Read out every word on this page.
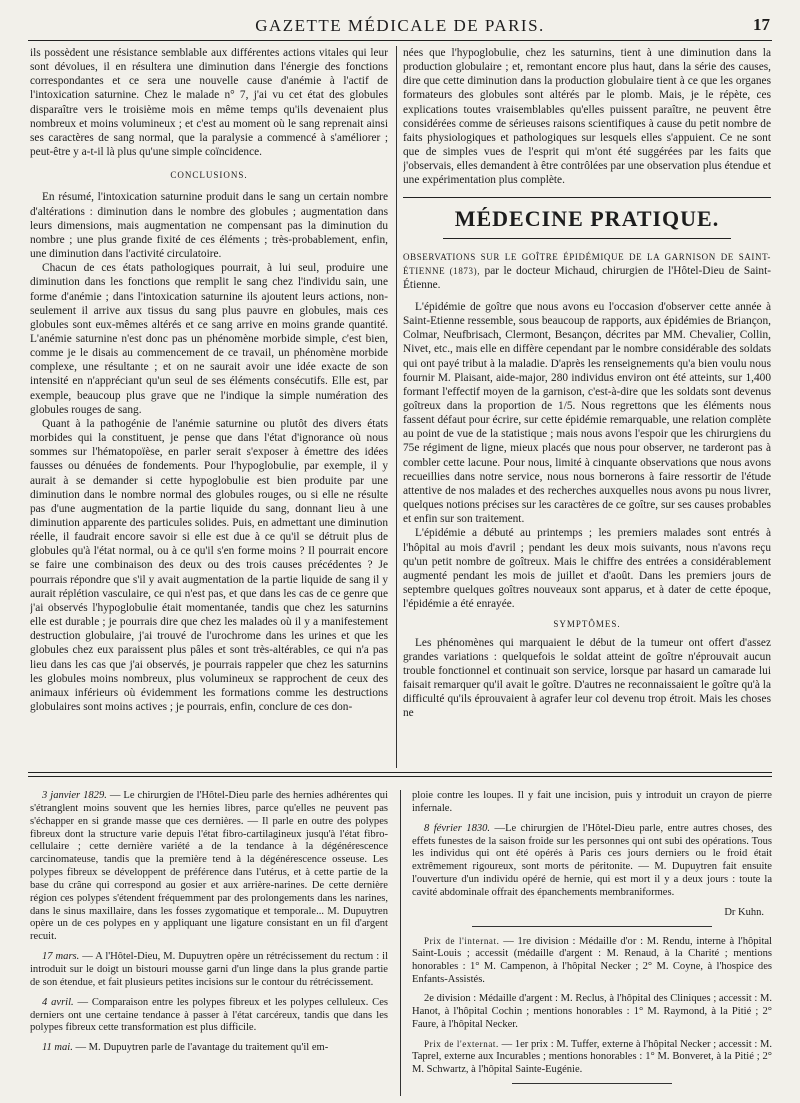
GAZETTE MÉDICALE DE PARIS.	17

ils possèdent une résistance semblable aux différentes actions vitales qui leur sont dévolues, il en résultera une diminution dans l'énergie des fonctions correspondantes et ce sera une nouvelle cause d'anémie à l'actif de l'intoxication saturnine. Chez le malade n° 7, j'ai vu cet état des globules disparaître vers le troisième mois en même temps qu'ils devenaient plus nombreux et moins volumineux ; et c'est au moment où le sang reprenait ainsi ses caractères de sang normal, que la paralysie a commencé à s'améliorer ; peut-être y a-t-il là plus qu'une simple coïncidence.

CONCLUSIONS.

En résumé, l'intoxication saturnine produit dans le sang un certain nombre d'altérations : diminution dans le nombre des globules ; augmentation dans leurs dimensions, mais augmentation ne compensant pas la diminution du nombre ; une plus grande fixité de ces éléments ; très-probablement, enfin, une diminution dans l'activité circulatoire.

Chacun de ces états pathologiques pourrait, à lui seul, produire une diminution dans les fonctions que remplit le sang chez l'individu sain, une forme d'anémie ; dans l'intoxication saturnine ils ajoutent leurs actions, non-seulement il arrive aux tissus du sang plus pauvre en globules, mais ces globules sont eux-mêmes altérés et ce sang arrive en moins grande quantité. L'anémie saturnine n'est donc pas un phénomène morbide simple, c'est bien, comme je le disais au commencement de ce travail, un phénomène morbide complexe, une résultante ; et on ne saurait avoir une idée exacte de son intensité en n'appréciant qu'un seul de ses éléments consécutifs. Elle est, par exemple, beaucoup plus grave que ne l'indique la simple numération des globules rouges de sang.

Quant à la pathogénie de l'anémie saturnine ou plutôt des divers états morbides qui la constituent, je pense que dans l'état d'ignorance où nous sommes sur l'hématopoïèse, en parler serait s'exposer à émettre des idées fausses ou dénuées de fondements. Pour l'hypoglobulie, par exemple, il y aurait à se demander si cette hypoglobulie est bien produite par une diminution dans le nombre normal des globules rouges, ou si elle ne résulte pas d'une augmentation de la partie liquide du sang, donnant lieu à une diminution apparente des particules solides. Puis, en admettant une diminution réelle, il faudrait encore savoir si elle est due à ce qu'il se détruit plus de globules qu'à l'état normal, ou à ce qu'il s'en forme moins ? Il pourrait encore se faire une combinaison des deux ou des trois causes précédentes ? Je pourrais répondre que s'il y avait augmentation de la partie liquide de sang il y aurait réplétion vasculaire, ce qui n'est pas, et que dans les cas de ce genre que j'ai observés l'hypoglobulie était momentanée, tandis que chez les saturnins elle est durable ; je pourrais dire que chez les malades où il y a manifestement destruction globulaire, j'ai trouvé de l'urochrome dans les urines et que les globules chez eux paraissent plus pâles et sont très-altérables, ce qui n'a pas lieu dans les cas que j'ai observés, je pourrais rappeler que chez les saturnins les globules moins nombreux, plus volumineux se rapprochent de ceux des animaux inférieurs où évidemment les formations comme les destructions globulaires sont moins actives ; je pourrais, enfin, conclure de ces don-

nées que l'hypoglobulie, chez les saturnins, tient à une diminution dans la production globulaire ; et, remontant encore plus haut, dans la série des causes, dire que cette diminution dans la production globulaire tient à ce que les organes formateurs des globules sont altérés par le plomb. Mais, je le répète, ces explications toutes vraisemblables qu'elles puissent paraître, ne peuvent être considérées comme de sérieuses raisons scientifiques à cause du petit nombre de faits physiologiques et pathologiques sur lesquels elles s'appuient. Ce ne sont que de simples vues de l'esprit qui m'ont été suggérées par les faits que j'observais, elles demandent à être contrôlées par une observation plus étendue et une expérimentation plus complète.

MÉDECINE PRATIQUE.

OBSERVATIONS SUR LE GOÎTRE ÉPIDÉMIQUE DE LA GARNISON DE SAINT-ÉTIENNE (1873), par le docteur Michaud, chirurgien de l'Hôtel-Dieu de Saint-Étienne.

L'épidémie de goître que nous avons eu l'occasion d'observer cette année à Saint-Etienne ressemble, sous beaucoup de rapports, aux épidémies de Briançon, Colmar, Neufbrisach, Clermont, Besançon, décrites par MM. Chevalier, Collin, Nivet, etc., mais elle en diffère cependant par le nombre considérable des soldats qui ont payé tribut à la maladie. D'après les renseignements qu'a bien voulu nous fournir M. Plaisant, aide-major, 280 individus environ ont été atteints, sur 1,400 formant l'effectif moyen de la garnison, c'est-à-dire que les soldats sont devenus goîtreux dans la proportion de 1/5. Nous regrettons que les éléments nous fassent défaut pour écrire, sur cette épidémie remarquable, une relation complète au point de vue de la statistique ; mais nous avons l'espoir que les chirurgiens du 75e régiment de ligne, mieux placés que nous pour observer, ne tarderont pas à combler cette lacune. Pour nous, limité à cinquante observations que nous avons recueillies dans notre service, nous nous bornerons à faire ressortir de l'étude attentive de nos malades et des recherches auxquelles nous avons pu nous livrer, quelques notions précises sur les caractères de ce goître, sur ses causes probables et enfin sur son traitement.

L'épidémie a débuté au printemps ; les premiers malades sont entrés à l'hôpital au mois d'avril ; pendant les deux mois suivants, nous n'avons reçu qu'un petit nombre de goîtreux. Mais le chiffre des entrées a considérablement augmenté pendant les mois de juillet et d'août. Dans les premiers jours de septembre quelques goîtres nouveaux sont apparus, et à dater de cette époque, l'épidémie a été enrayée.

SYMPTÔMES.

Les phénomènes qui marquaient le début de la tumeur ont offert d'assez grandes variations : quelquefois le soldat atteint de goître n'éprouvait aucun trouble fonctionnel et continuait son service, lorsque par hasard un camarade lui faisait remarquer qu'il avait le goître. D'autres ne reconnaissaient le goître qu'à la difficulté qu'ils éprouvaient à agrafer leur col devenu trop étroit. Mais les choses ne

3 janvier 1829. — Le chirurgien de l'Hôtel-Dieu parle des hernies adhérentes qui s'étranglent moins souvent que les hernies libres, parce qu'elles ne peuvent pas s'échapper en si grande masse que ces dernières. — Il parle en outre des polypes fibreux dont la structure varie depuis l'état fibro-cartilagineux jusqu'à l'état fibro-cellulaire ; cette dernière variété a de la tendance à la dégénérescence carcinomateuse, tandis que la première tend à la dégénérescence osseuse. Les polypes fibreux se développent de préférence dans l'utérus, et à cette partie de la base du crâne qui correspond au gosier et aux arrière-narines. De cette dernière région ces polypes s'étendent fréquemment par des prolongements dans les narines, dans le sinus maxillaire, dans les fosses zygomatique et temporale... M. Dupuytren opère un de ces polypes en y appliquant une ligature consistant en un fil d'argent recuit.

17 mars. — A l'Hôtel-Dieu, M. Dupuytren opère un rétrécissement du rectum : il introduit sur le doigt un bistouri mousse garni d'un linge dans la plus grande partie de son étendue, et fait plusieurs petites incisions sur le contour du rétrécissement.

4 avril. — Comparaison entre les polypes fibreux et les polypes celluleux. Ces derniers ont une certaine tendance à passer à l'état carcéreux, tandis que dans les polypes fibreux cette transformation est plus difficile.

11 mai. — M. Dupuytren parle de l'avantage du traitement qu'il em-

ploie contre les loupes. Il y fait une incision, puis y introduit un crayon de pierre infernale.

8 février 1830. —Le chirurgien de l'Hôtel-Dieu parle, entre autres choses, des effets funestes de la saison froide sur les personnes qui ont subi des opérations. Tous les individus qui ont été opérés à Paris ces jours derniers ou le froid était extrêmement rigoureux, sont morts de péritonite. — M. Dupuytren fait ensuite l'ouverture d'un individu opéré de hernie, qui est mort il y a deux jours : toute la cavité abdominale offrait des épanchements membraniformes.

Dr Kuhn.

Prix de l'internat. — 1re division : Médaille d'or : M. Rendu, interne à l'hôpital Saint-Louis ; accessit (médaille d'argent : M. Renaud, à la Charité ; mentions honorables : 1° M. Campenon, à l'hôpital Necker ; 2° M. Coyne, à l'hospice des Enfants-Assistés.

2e division : Médaille d'argent : M. Reclus, à l'hôpital des Cliniques ; accessit : M. Hanot, à l'hôpital Cochin ; mentions honorables : 1° M. Raymond, à la Pitié ; 2° Faure, à l'hôpital Necker.

Prix de l'externat. — 1er prix : M. Tuffer, externe à l'hôpital Necker ; accessit : M. Taprel, externe aux Incurables ; mentions honorables : 1° M. Bonveret, à la Pitié ; 2° M. Schwartz, à l'hôpital Sainte-Eugénie.
